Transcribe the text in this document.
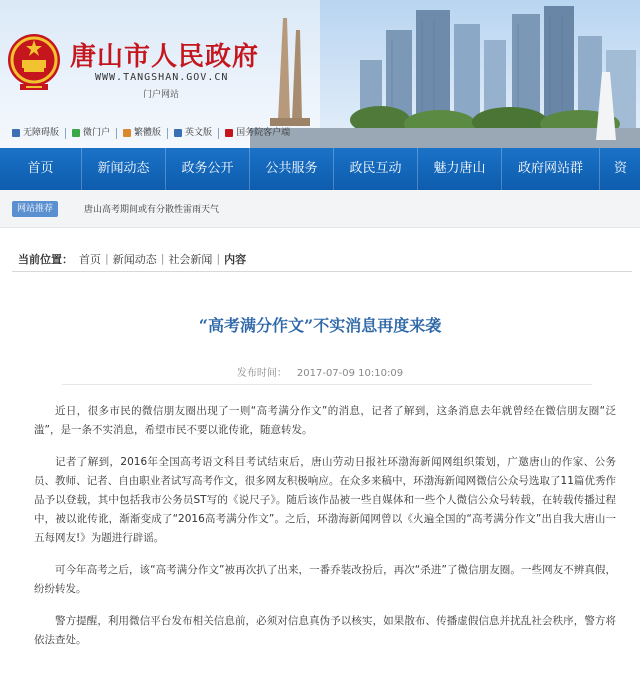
唐山市人民政府
WWW.TANGSHAN.GOV.CN
门户网站
无障碍版	微门户	繁體版	英文版	国务院客户端
首页	新闻动态	政务公开	公共服务	政民互动	魅力唐山	政府网站群	资
网站推荐	唐山高考期间或有分散性雷雨天气
当前位置： 首页 | 新闻动态 | 社会新闻 | 内容
“高考满分作文”不实消息再度来袭
发布时间： 2017-07-09 10:10:09

近日，很多市民的微信朋友圈出现了一则“高考满分作文”的消息，记者了解到，这条消息去年就曾经在微信朋友圈“泛滥”，是一条不实消息，希望市民不要以讹传讹，随意转发。

记者了解到，2016年全国高考语文科目考试结束后，唐山劳动日报社环渤海新闻网组织策划，广邀唐山的作家、公务员、教师、记者、自由职业者试写高考作文，很多网友积极响应。在众多来稿中，环渤海新闻网微信公众号选取了11篇优秀作品予以登载，其中包括我市公务员ST写的《说尺子》。随后该作品被一些自媒体和一些个人微信公众号转载，在转载传播过程中，被以讹传讹，渐渐变成了“2016高考满分作文”。之后，环渤海新闻网曾以《火遍全国的“高考满分作文”出自我大唐山一五每网友!》为题进行辟谣。

可今年高考之后，该“高考满分作文”被再次扒了出来，一番乔装改扮后，再次“杀进”了微信朋友圈。一些网友不辨真假，纷纷转发。

警方提醒，利用微信平台发布相关信息前，必须对信息真伪予以核实，如果散布、传播虚假信息并扰乱社会秩序，警方将依法查处。
